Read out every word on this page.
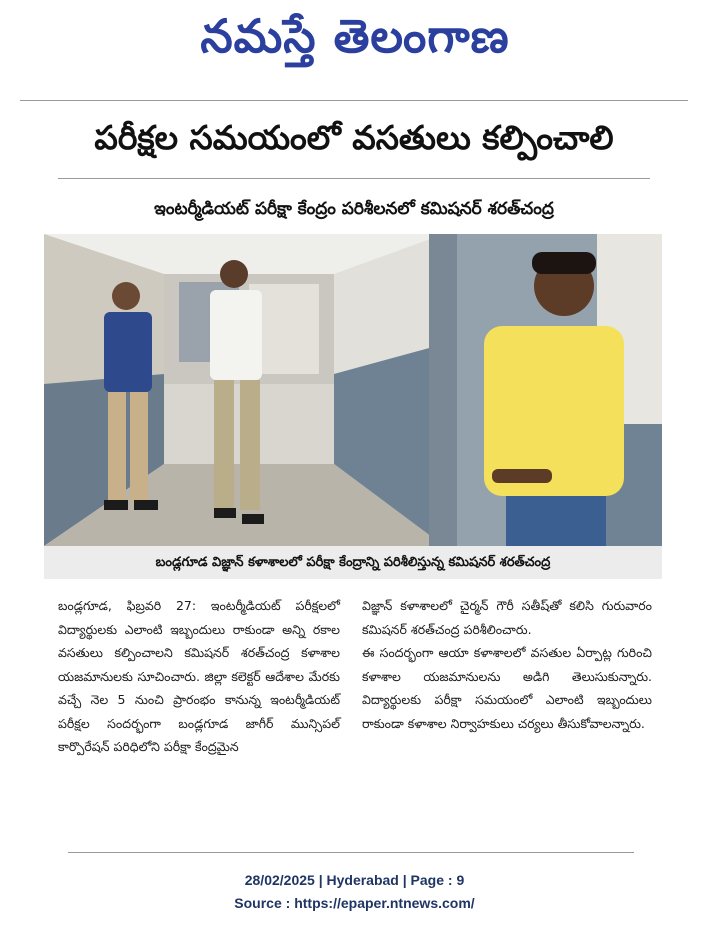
నమస్తే తెలంగాణ
పరీక్షల సమయంలో వసతులు కల్పించాలి
ఇంటర్మీడియట్ పరీక్షా కేంద్రం పరిశీలనలో కమిషనర్ శరత్‌చంద్ర
బండ్లగూడ విజ్ఞాన్ కళాశాలలో పరీక్షా కేంద్రాన్ని పరిశీలిస్తున్న కమిషనర్ శరత్‌చంద్ర

బండ్లగూడ, ఫిబ్రవరి 27: ఇంటర్మీడియట్ పరీక్షలలో విద్యార్థులకు ఎలాంటి ఇబ్బందులు రాకుండా అన్ని రకాల వసతులు కల్పించాలని కమిషనర్ శరత్‌చంద్ర కళాశాల యజమానులకు సూచించారు. జిల్లా కలెక్టర్ ఆదేశాల మేరకు వచ్చే నెల 5 నుంచి ప్రారంభం కానున్న ఇంటర్మీడియట్ పరీక్షల సందర్భంగా బండ్లగూడ జాగీర్ మున్సిపల్ కార్పొరేషన్ పరిధిలోని పరీక్షా కేంద్రమైన

విజ్ఞాన్ కళాశాలలో చైర్మన్ గౌరీ సతీష్‌తో కలిసి గురువారం కమిషనర్ శరత్‌చంద్ర పరిశీలించారు.

ఈ సందర్భంగా ఆయా కళాశాలలో వసతుల ఏర్పాట్ల గురించి కళాశాల యజమానులను అడిగి తెలుసుకున్నారు. విద్యార్థులకు పరీక్షా సమయంలో ఎలాంటి ఇబ్బందులు రాకుండా కళాశాల నిర్వాహకులు చర్యలు తీసుకోవాలన్నారు.

28/02/2025 | Hyderabad | Page : 9
Source : https://epaper.ntnews.com/
